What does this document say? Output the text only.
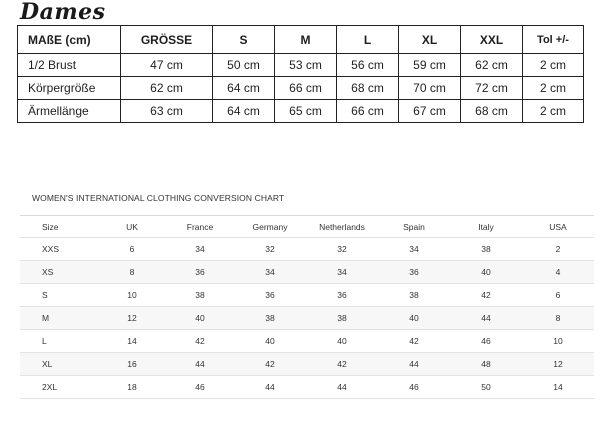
Dames
MAßE (cm)	GRÖSSE	S	M	L	XL	XXL	Tol +/-
1/2 Brust	47 cm	50 cm	53 cm	56 cm	59 cm	62 cm	2 cm
Körpergröße	62 cm	64 cm	66 cm	68 cm	70 cm	72 cm	2 cm
Ärmellänge	63 cm	64 cm	65 cm	66 cm	67 cm	68 cm	2 cm
WOMEN'S INTERNATIONAL CLOTHING CONVERSION CHART
Size	UK	France	Germany	Netherlands	Spain	Italy	USA
XXS	6	34	32	32	34	38	2
XS	8	36	34	34	36	40	4
S	10	38	36	36	38	42	6
M	12	40	38	38	40	44	8
L	14	42	40	40	42	46	10
XL	16	44	42	42	44	48	12
2XL	18	46	44	44	46	50	14
